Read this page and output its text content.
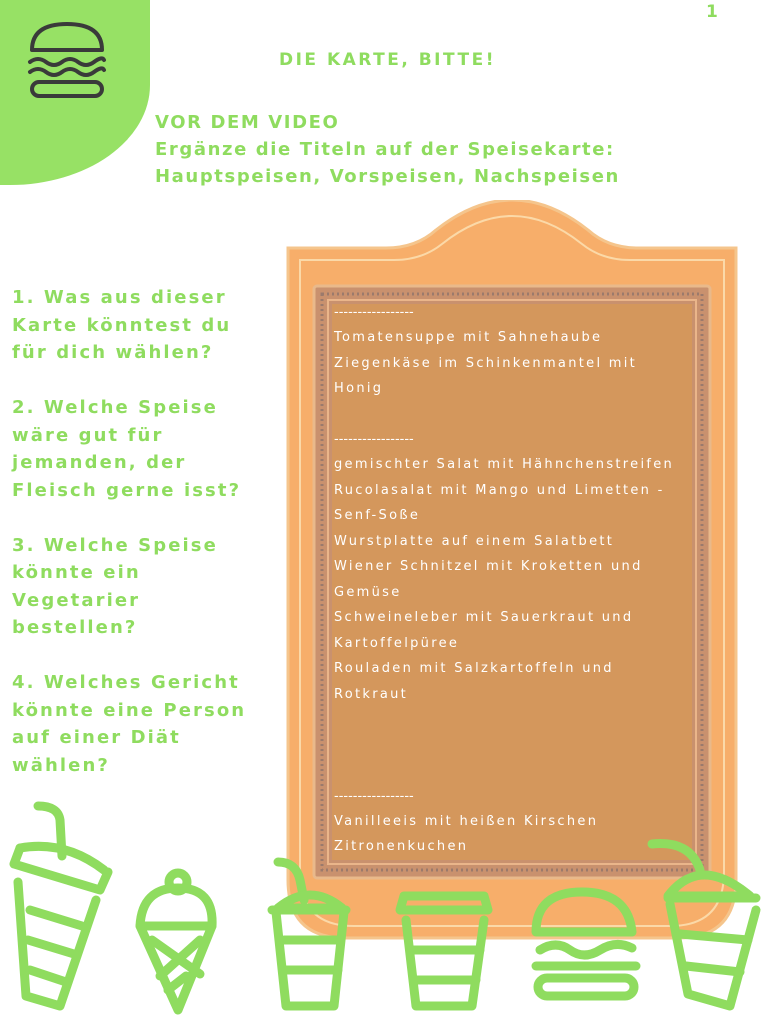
1
DIE KARTE, BITTE!
VOR DEM VIDEO
Ergänze die Titeln auf der Speisekarte:
Hauptspeisen, Vorspeisen, Nachspeisen
1. Was aus dieser
Karte könntest du
für dich wählen?
2. Welche Speise
wäre gut für
jemanden, der
Fleisch gerne isst?
3. Welche Speise
könnte ein
Vegetarier
bestellen?
4. Welches Gericht
könnte eine Person
auf einer Diät
wählen?
-----------------
Tomatensuppe mit Sahnehaube
Ziegenkäse im Schinkenmantel mit
Honig
-----------------
gemischter Salat mit Hähnchenstreifen
Rucolasalat mit Mango und Limetten -
Senf-Soße
Wurstplatte auf einem Salatbett
Wiener Schnitzel mit Kroketten und
Gemüse
Schweineleber mit Sauerkraut und
Kartoffelpüree
Rouladen mit Salzkartoffeln und
Rotkraut
-----------------
Vanilleeis mit heißen Kirschen
Zitronenkuchen
